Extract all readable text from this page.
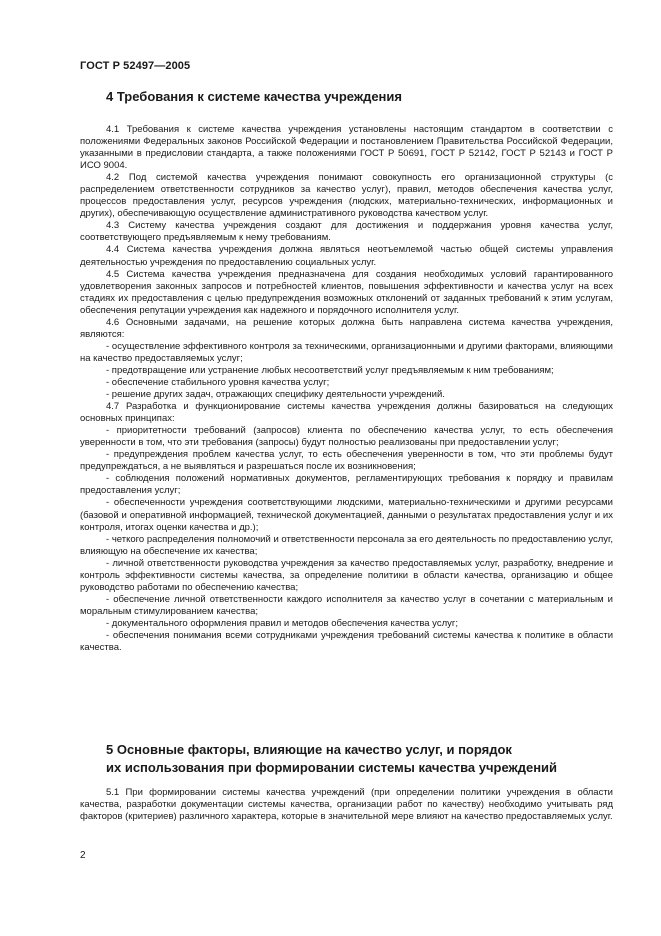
ГОСТ Р 52497—2005
4 Требования к системе качества учреждения

4.1 Требования к системе качества учреждения установлены настоящим стандартом в соответствии с положениями Федеральных законов Российской Федерации и постановлением Правительства Российской Федерации, указанными в предисловии стандарта, а также положениями ГОСТ Р 50691, ГОСТ Р 52142, ГОСТ Р 52143 и ГОСТ Р ИСО 9004.

4.2 Под системой качества учреждения понимают совокупность его организационной структуры (с распределением ответственности сотрудников за качество услуг), правил, методов обеспечения качества услуг, процессов предоставления услуг, ресурсов учреждения (людских, материально-технических, информационных и других), обеспечивающую осуществление административного руководства качеством услуг.

4.3 Систему качества учреждения создают для достижения и поддержания уровня качества услуг, соответствующего предъявляемым к нему требованиям.

4.4 Система качества учреждения должна являться неотъемлемой частью общей системы управления деятельностью учреждения по предоставлению социальных услуг.

4.5 Система качества учреждения предназначена для создания необходимых условий гарантированного удовлетворения законных запросов и потребностей клиентов, повышения эффективности и качества услуг на всех стадиях их предоставления с целью предупреждения возможных отклонений от заданных требований к этим услугам, обеспечения репутации учреждения как надежного и порядочного исполнителя услуг.

4.6 Основными задачами, на решение которых должна быть направлена система качества учреждения, являются:

- осуществление эффективного контроля за техническими, организационными и другими факторами, влияющими на качество предоставляемых услуг;

- предотвращение или устранение любых несоответствий услуг предъявляемым к ним требованиям;

- обеспечение стабильного уровня качества услуг;

- решение других задач, отражающих специфику деятельности учреждений.

4.7 Разработка и функционирование системы качества учреждения должны базироваться на следующих основных принципах:

- приоритетности требований (запросов) клиента по обеспечению качества услуг, то есть обеспечения уверенности в том, что эти требования (запросы) будут полностью реализованы при предоставлении услуг;

- предупреждения проблем качества услуг, то есть обеспечения уверенности в том, что эти проблемы будут предупреждаться, а не выявляться и разрешаться после их возникновения;

- соблюдения положений нормативных документов, регламентирующих требования к порядку и правилам предоставления услуг;

- обеспеченности учреждения соответствующими людскими, материально-техническими и другими ресурсами (базовой и оперативной информацией, технической документацией, данными о результатах предоставления услуг и их контроля, итогах оценки качества и др.);

- четкого распределения полномочий и ответственности персонала за его деятельность по предоставлению услуг, влияющую на обеспечение их качества;

- личной ответственности руководства учреждения за качество предоставляемых услуг, разработку, внедрение и контроль эффективности системы качества, за определение политики в области качества, организацию и общее руководство работами по обеспечению качества;

- обеспечение личной ответственности каждого исполнителя за качество услуг в сочетании с материальным и моральным стимулированием качества;

- документального оформления правил и методов обеспечения качества услуг;

- обеспечения понимания всеми сотрудниками учреждения требований системы качества к политике в области качества.

5 Основные факторы, влияющие на качество услуг, и порядок
их использования при формировании системы качества учреждений

5.1 При формировании системы качества учреждений (при определении политики учреждения в области качества, разработки документации системы качества, организации работ по качеству) необходимо учитывать ряд факторов (критериев) различного характера, которые в значительной мере влияют на качество предоставляемых услуг.

2
